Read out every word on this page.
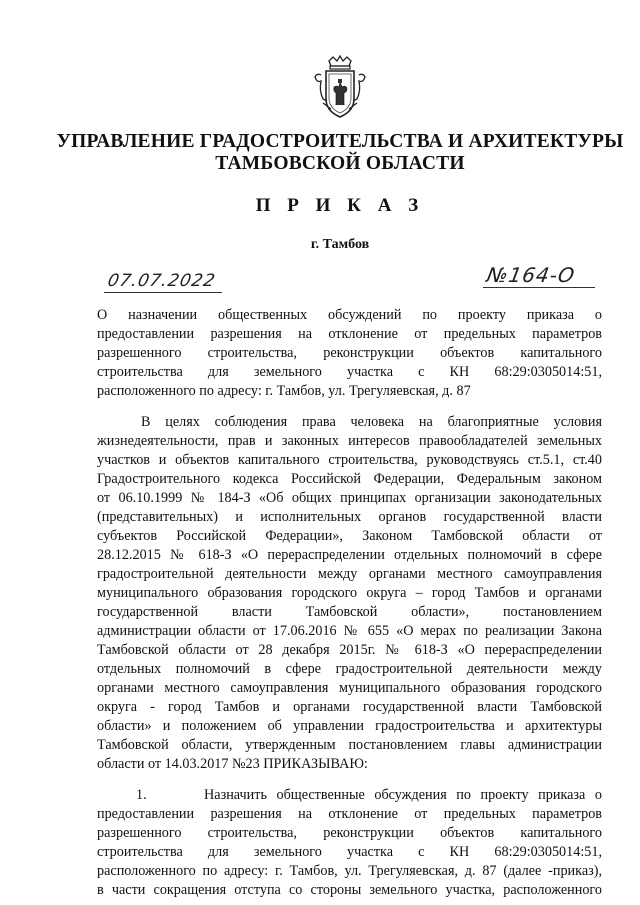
УПРАВЛЕНИЕ ГРАДОСТРОИТЕЛЬСТВА И АРХИТЕКТУРЫ
ТАМБОВСКОЙ ОБЛАСТИ
П Р И К А З
г. Тамбов
07.07.2022	№164-О
О назначении общественных обсуждений по проекту приказа о
предоставлении разрешения на отклонение от предельных параметров
разрешенного строительства, реконструкции объектов капитального
строительства для земельного участка с КН 68:29:0305014:51,
расположенного по адресу: г. Тамбов, ул. Трегуляевская, д. 87
В целях соблюдения права человека на благоприятные условия
жизнедеятельности, прав и законных интересов правообладателей земельных
участков и объектов капитального строительства, руководствуясь ст.5.1, ст.40
Градостроительного кодекса Российской Федерации, Федеральным законом
от 06.10.1999 № 184-З «Об общих принципах организации законодательных
(представительных) и исполнительных органов государственной власти
субъектов Российской Федерации», Законом Тамбовской области от
28.12.2015 № 618-З «О перераспределении отдельных полномочий в сфере
градостроительной деятельности между органами местного самоуправления
муниципального образования городского округа – город Тамбов и органами
государственной власти Тамбовской области», постановлением
администрации области от 17.06.2016 № 655 «О мерах по реализации Закона
Тамбовской области от 28 декабря 2015г. № 618-З «О перераспределении
отдельных полномочий в сфере градостроительной деятельности между
органами местного самоуправления муниципального образования городского
округа - город Тамбов и органами государственной власти Тамбовской
области» и положением об управлении градостроительства и архитектуры
Тамбовской области, утвержденным постановлением главы администрации
области от 14.03.2017 №23 ПРИКАЗЫВАЮ:
1.      Назначить общественные обсуждения по проекту приказа о
предоставлении разрешения на отклонение от предельных параметров
разрешенного строительства, реконструкции объектов капитального
строительства для земельного участка с КН 68:29:0305014:51,
расположенного по адресу: г. Тамбов, ул. Трегуляевская, д. 87 (далее -приказ),
в части сокращения отступа со стороны земельного участка, расположенного
